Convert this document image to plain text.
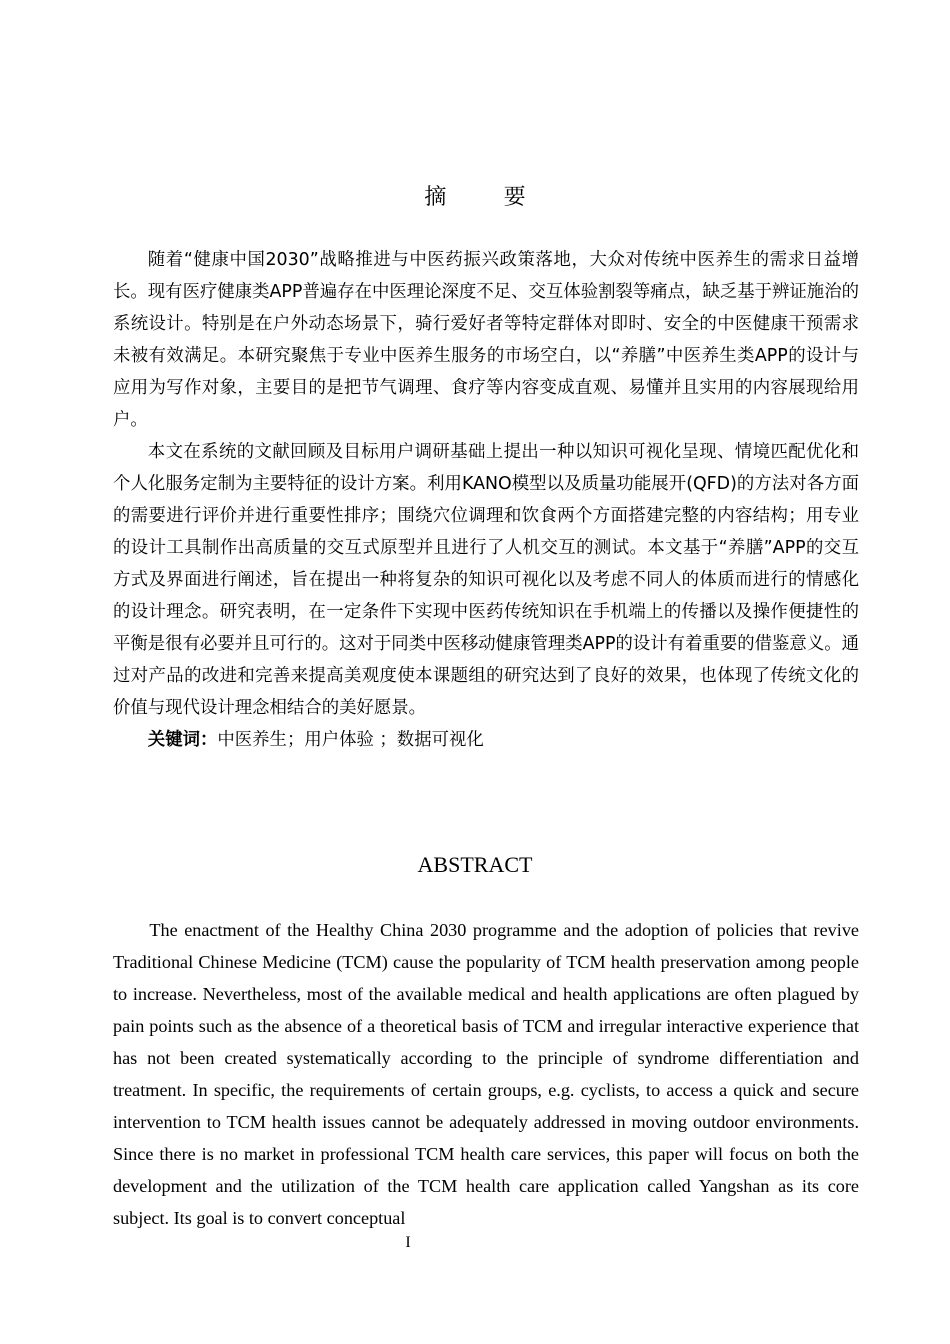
摘　要

随着“健康中国2030”战略推进与中医药振兴政策落地，大众对传统中医养生的需求日益增长。现有医疗健康类APP普遍存在中医理论深度不足、交互体验割裂等痛点，缺乏基于辨证施治的系统设计。特别是在户外动态场景下，骑行爱好者等特定群体对即时、安全的中医健康干预需求未被有效满足。本研究聚焦于专业中医养生服务的市场空白，以“养膳”中医养生类APP的设计与应用为写作对象，主要目的是把节气调理、食疗等内容变成直观、易懂并且实用的内容展现给用户。

本文在系统的文献回顾及目标用户调研基础上提出一种以知识可视化呈现、情境匹配优化和个人化服务定制为主要特征的设计方案。利用KANO模型以及质量功能展开(QFD)的方法对各方面的需要进行评价并进行重要性排序；围绕穴位调理和饮食两个方面搭建完整的内容结构；用专业的设计工具制作出高质量的交互式原型并且进行了人机交互的测试。本文基于“养膳”APP的交互方式及界面进行阐述，旨在提出一种将复杂的知识可视化以及考虑不同人的体质而进行的情感化的设计理念。研究表明，在一定条件下实现中医药传统知识在手机端上的传播以及操作便捷性的平衡是很有必要并且可行的。这对于同类中医移动健康管理类APP的设计有着重要的借鉴意义。通过对产品的改进和完善来提高美观度使本课题组的研究达到了良好的效果，也体现了传统文化的价值与现代设计理念相结合的美好愿景。

关键词：中医养生；用户体验 ；数据可视化

ABSTRACT

The enactment of the Healthy China 2030 programme and the adoption of policies that revive Traditional Chinese Medicine (TCM) cause the popularity of TCM health preservation among people to increase. Nevertheless, most of the available medical and health applications are often plagued by pain points such as the absence of a theoretical basis of TCM and irregular interactive experience that has not been created systematically according to the principle of syndrome differentiation and treatment. In specific, the requirements of certain groups, e.g. cyclists, to access a quick and secure intervention to TCM health issues cannot be adequately addressed in moving outdoor environments. Since there is no market in professional TCM health care services, this paper will focus on both the development and the utilization of the TCM health care application called Yangshan as its core subject. Its goal is to convert conceptual

I
